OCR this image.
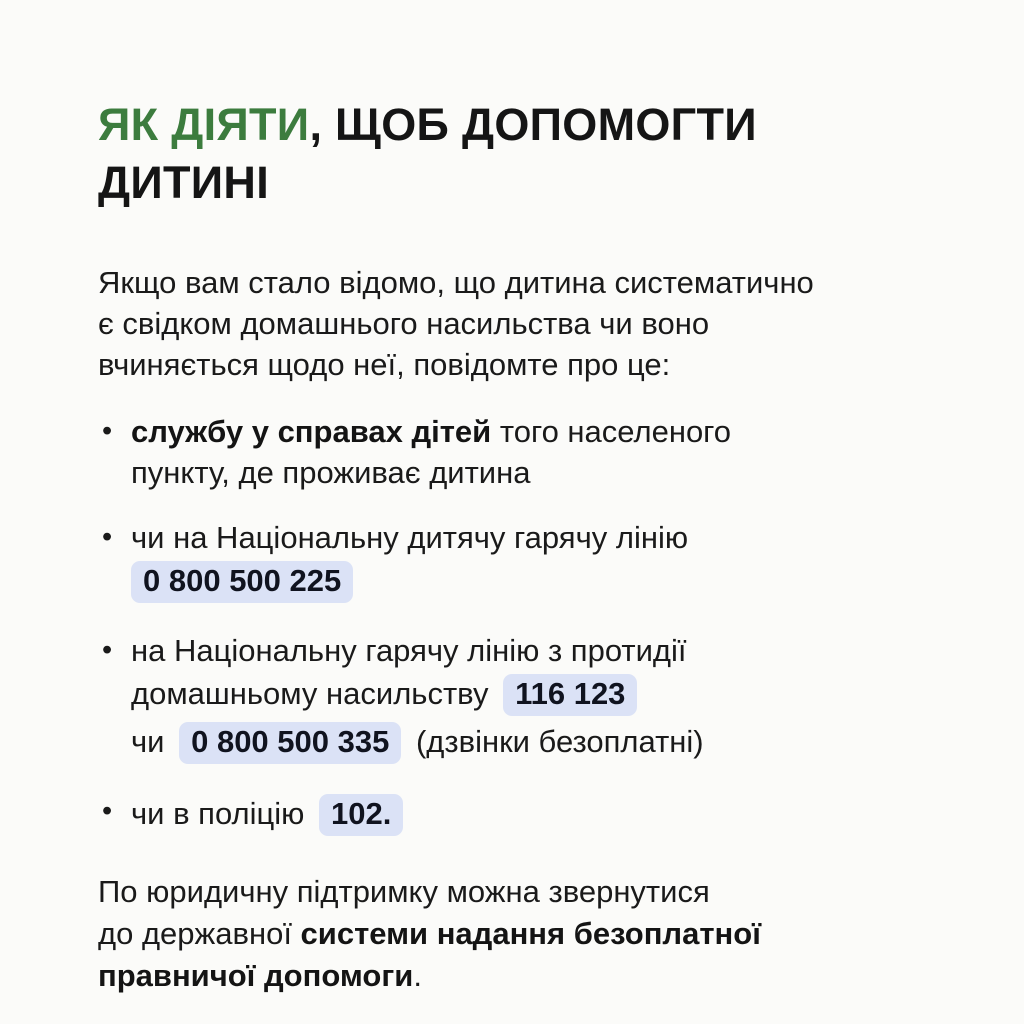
ЯК ДІЯТИ, ЩОБ ДОПОМОГТИ
ДИТИНІ

Якщо вам стало відомо, що дитина систематично
є свідком домашнього насильства чи воно
вчиняється щодо неї, повідомте про це:

• службу у справах дітей того населеного
пункту, де проживає дитина
• чи на Національну дитячу гарячу лінію
0 800 500 225
• на Національну гарячу лінію з протидії
домашньому насильству 116 123
чи 0 800 500 335 (дзвінки безоплатні)
• чи в поліцію 102.

По юридичну підтримку можна звернутися
до державної системи надання безоплатної
правничої допомоги.
